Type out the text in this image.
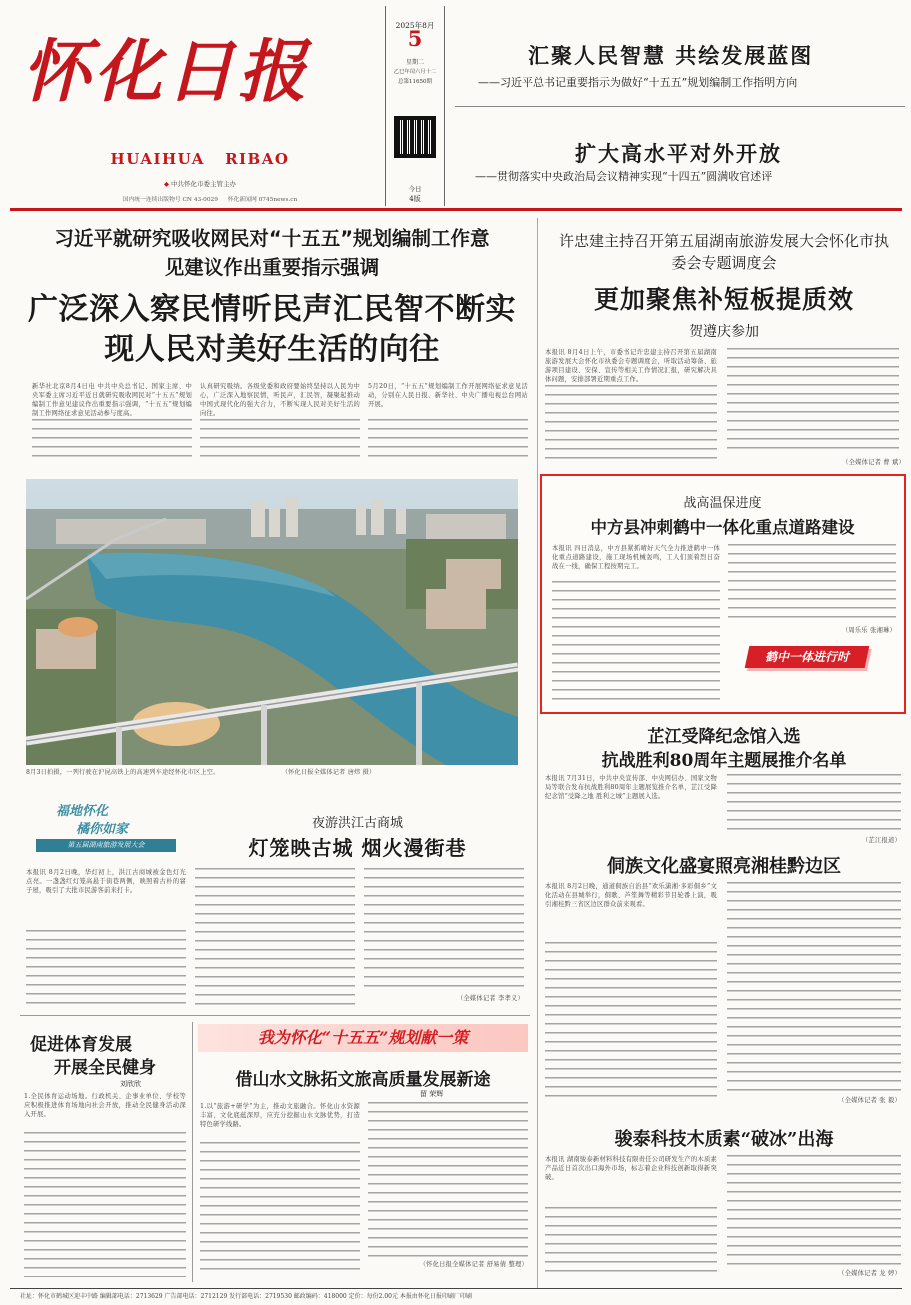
怀化日报
HUAIHUA   RIBAO
◆ 中共怀化市委主管主办
国内统一连续出版物号 CN 43-0029 怀化新闻网 0745news.cn
2025年8月
5
星期二
乙巳年闰六月十二
总第11650期
今日
4版
汇聚人民智慧 共绘发展蓝图
——习近平总书记重要指示为做好“十五五”规划编制工作指明方向
扩大高水平对外开放
——贯彻落实中央政治局会议精神实现“十四五”圆满收官述评
习近平就研究吸收网民对“十五五”规划编制工作意见建议作出重要指示强调
广泛深入察民情听民声汇民智不断实现人民对美好生活的向往
新华社北京8月4日电 中共中央总书记、国家主席、中央军委主席习近平近日就研究吸收网民对“十五五”规划编制工作意见建议作出重要指示强调，“十五五”规划编制工作网络征求意见活动参与度高。
认真研究吸纳。各级党委和政府要始终坚持以人民为中心，广泛深入地察民情，听民声，汇民智，凝聚起推动中国式现代化的强大合力，不断实现人民对美好生活的向往。
5月20日，“十五五”规划编制工作开展网络征求意见活动，分别在人民日报、新华社、中央广播电视总台网站开展。
8月3日拍摄，一列行驶在沪昆高铁上的高速列车途经怀化市区上空。	（怀化日报全媒体记者 唐炜 摄）
许忠建主持召开第五届湖南旅游发展大会怀化市执委会专题调度会
更加聚焦补短板提质效
贺遵庆参加
本报讯 8月4日上午，市委书记许忠建主持召开第五届湖南旅游发展大会怀化市执委会专题调度会，听取活动筹备、旅游项目建设、安保、宣传等相关工作情况汇报，研究解决具体问题，安排部署近期重点工作。
（全媒体记者 曹 斌）
战高温保进度
中方县冲刺鹤中一体化重点道路建设
本报讯 四日消息，中方县紧抓晴好天气全力推进鹤中一体化重点道路建设，施工现场机械轰鸣，工人们顶着烈日奋战在一线，确保工程按期完工。
（周乐乐 张湘琳）
鹤中一体进行时
芷江受降纪念馆入选
抗战胜利80周年主题展推介名单
本报讯 7月31日，中共中央宣传部、中央网信办、国家文物局等联合发布抗战胜利80周年主题展览推介名单，芷江受降纪念馆“受降之地 胜利之城”主题展入选。
（芷江报道）
福地怀化
橘你如家
第五届湖南旅游发展大会
夜游洪江古商城
灯笼映古城 烟火漫街巷
本报讯 8月2日晚，华灯初上，洪江古商城被金色灯光点亮。一盏盏红灯笼高悬于街巷两侧，映照着古朴的窨子屋，吸引了大批市民游客前来打卡。
（全媒体记者 李孝义）
侗族文化盛宴照亮湘桂黔边区
本报讯 8月2日晚，通道侗族自治县“欢乐潇湘·多彩侗乡”文化活动在县城举行，侗歌、芦笙舞等精彩节目轮番上演，吸引湘桂黔三省区边区群众前来观看。
（全媒体记者 张 毅）
促进体育发展
开展全民健身
刘欣欣
1.全民体育运动场地。行政机关、企事业单位、学校等应积极推进体育场地向社会开放，推动全民健身活动深入开展。
我为怀化“十五五”规划献一策
借山水文脉拓文旅高质量发展新途
留 荣辉
1.以“旅游+研学”为主，推动文旅融合。怀化山水资源丰富，文化底蕴深厚，应充分挖掘山水文脉优势，打造特色研学线路。
（怀化日报全媒体记者 舒易倩 整理）
骏泰科技木质素“破冰”出海
本报讯 湖南骏泰新材料科技有限责任公司研发生产的木质素产品近日首次出口海外市场，标志着企业科技创新取得新突破。
（全媒体记者 龙 婷）
社址：怀化市鹤城区迎丰中路 编辑部电话：2713629 广告部电话：2712129 发行部电话：2719530 邮政编码：418000 定价：每份2.00元 本报由怀化日报印刷厂印刷
